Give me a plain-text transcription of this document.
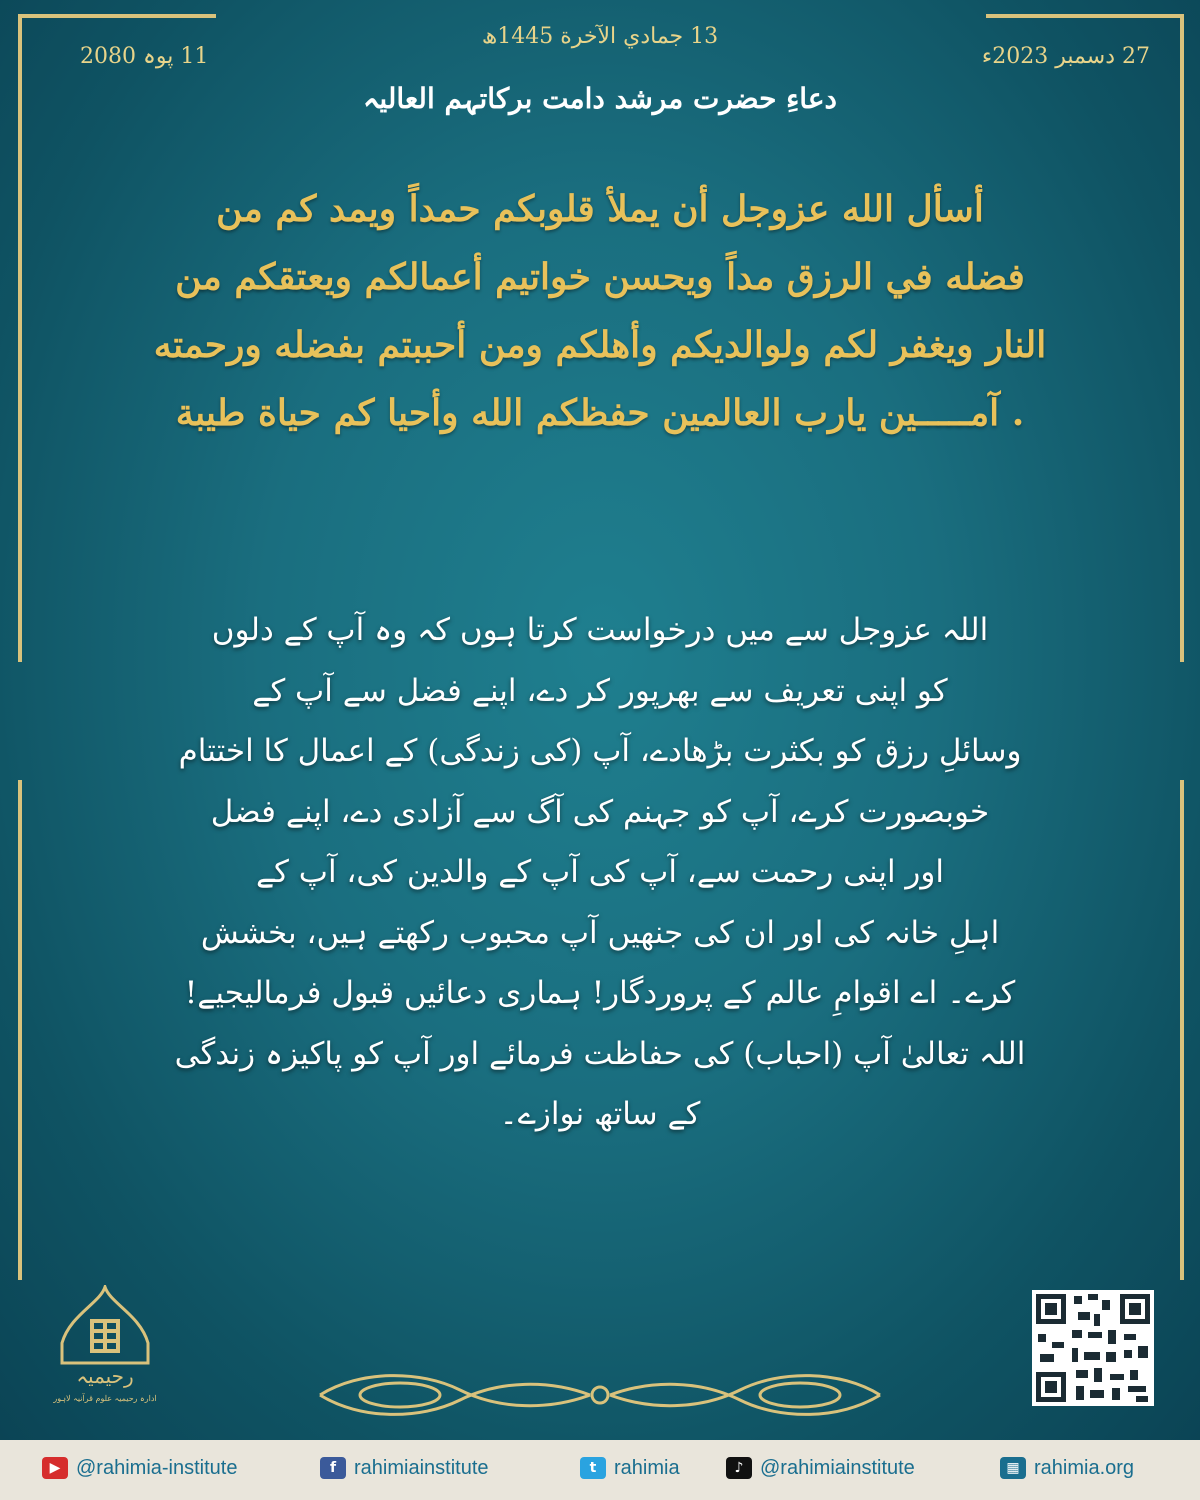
27 دسمبر 2023ء
11 پوہ 2080
13 جمادي الآخرة 1445ھ
دعاءِ حضرت مرشد دامت برکاتہم العالیہ
أسأل الله عزوجل أن يملأ قلوبكم حمداً ويمد كم من
فضله في الرزق مداً ويحسن خواتيم أعمالكم ويعتقكم من
النار ويغفر لكم ولوالديكم وأهلكم ومن أحببتم بفضله ورحمته
. آمـــــين يارب العالمين حفظكم الله وأحيا كم حياة طيبة
اللہ عزوجل سے میں درخواست کرتا ہوں کہ وہ آپ کے دلوں
کو اپنی تعریف سے بھرپور کر دے، اپنے فضل سے آپ کے
وسائلِ رزق کو بکثرت بڑھادے، آپ (کی زندگی) کے اعمال کا اختتام
خوبصورت کرے، آپ کو جہنم کی آگ سے آزادی دے، اپنے فضل
اور اپنی رحمت سے، آپ کی آپ کے والدین کی، آپ کے
اہلِ خانہ کی اور ان کی جنھیں آپ محبوب رکھتے ہیں، بخشش
کرے۔ اے اقوامِ عالم کے پروردگار! ہماری دعائیں قبول فرمالیجیے!
اللہ تعالیٰ آپ (احباب) کی حفاظت فرمائے اور آپ کو پاکیزہ زندگی
کے ساتھ نوازے۔
رحیمیہ
ادارہ رحیمیہ علوم قرآنیہ لاہور
▶ @rahimia-institute	f rahimiainstitute	t rahimia	♪ @rahimiainstitute	▦ rahimia.org
